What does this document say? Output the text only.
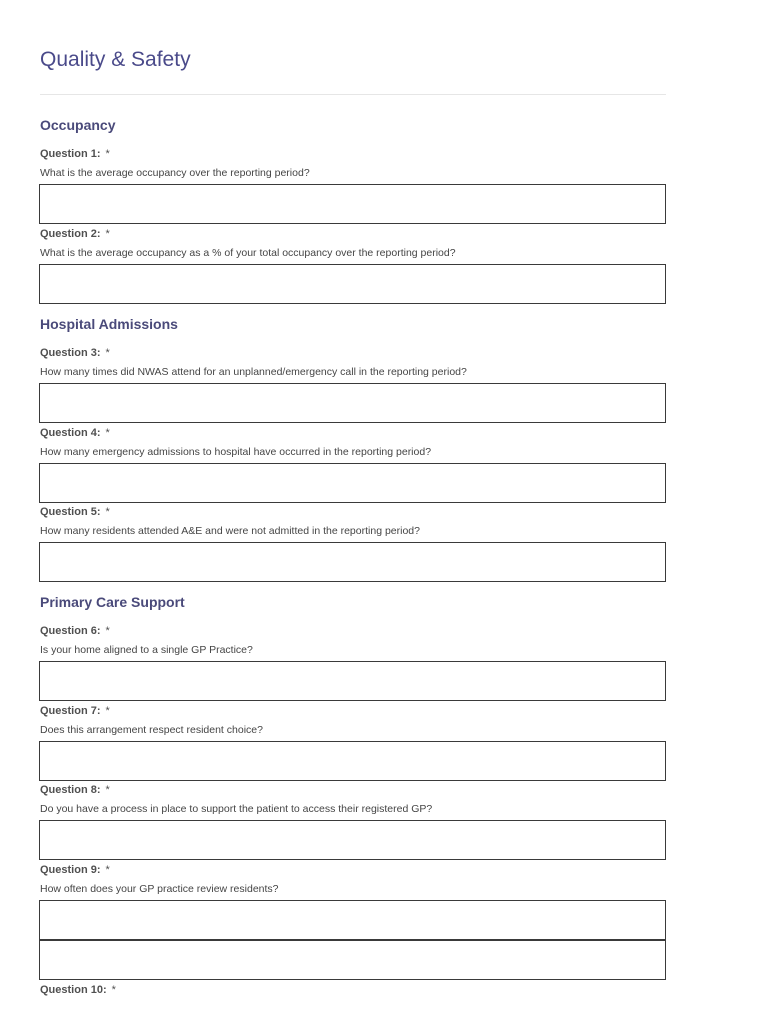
Quality & Safety
Occupancy
Question 1: *
What is the average occupancy over the reporting period?
Question 2: *
What is the average occupancy as a % of your total occupancy over the reporting period?
Hospital Admissions
Question 3: *
How many times did NWAS attend for an unplanned/emergency call in the reporting period?
Question 4: *
How many emergency admissions to hospital have occurred in the reporting period?
Question 5: *
How many residents attended A&E and were not admitted in the reporting period?
Primary Care Support
Question 6: *
Is your home aligned to a single GP Practice?
Question 7: *
Does this arrangement respect resident choice?
Question 8: *
Do you have a process in place to support the patient to access their registered GP?
Question 9: *
How often does your GP practice review residents?
Question 10: *
